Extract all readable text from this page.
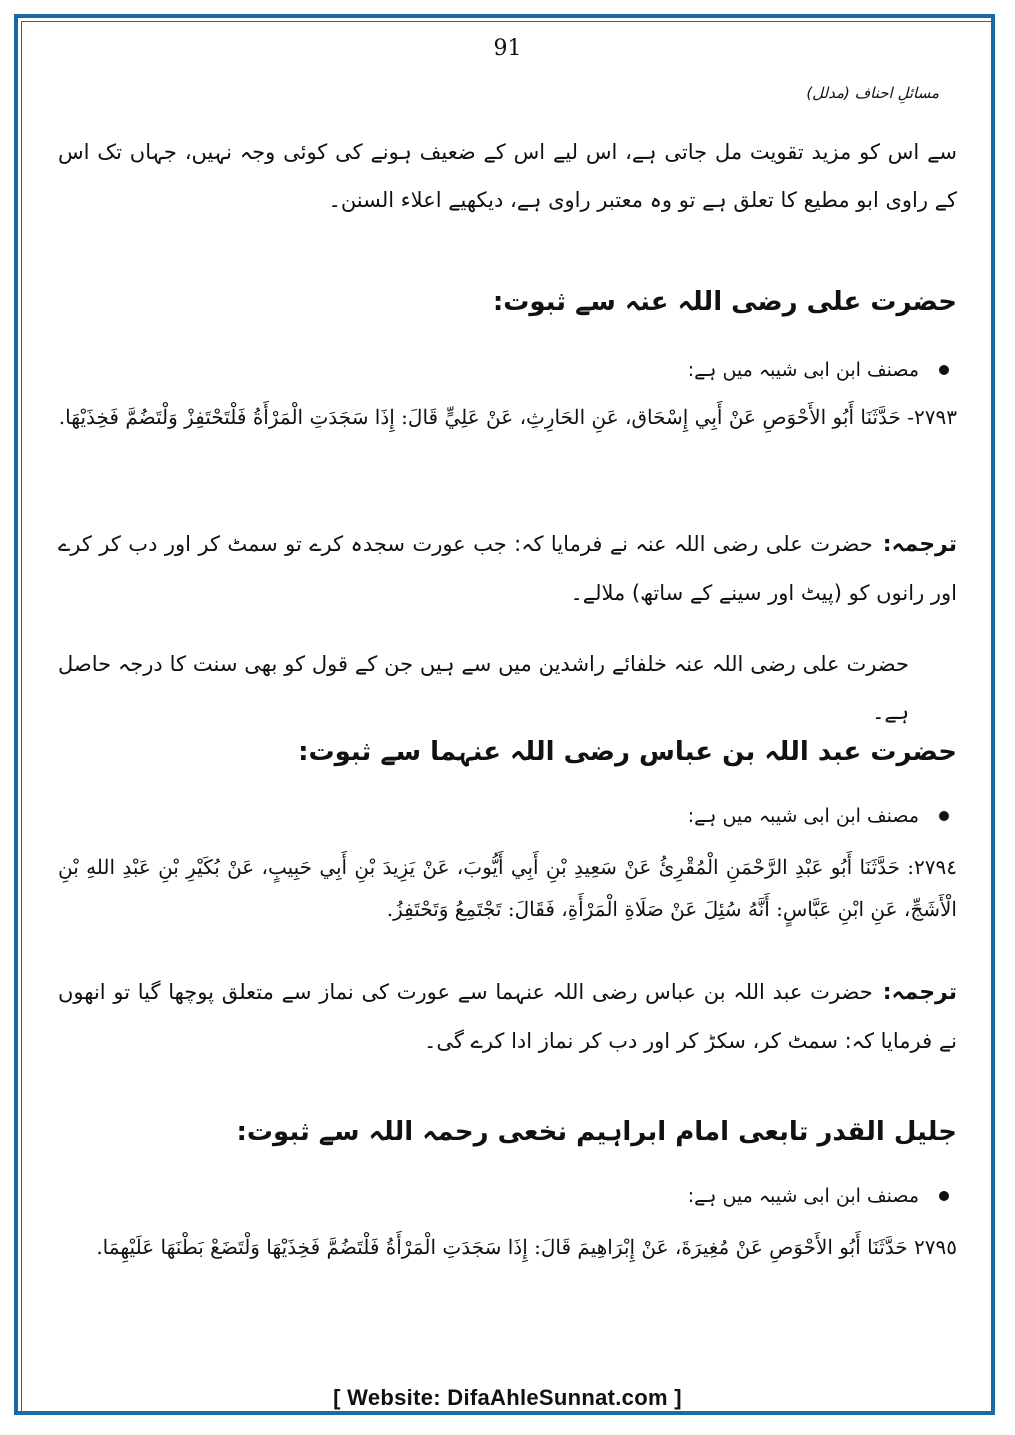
91
مسائلِ احناف (مدلل)

سے اس کو مزید تقویت مل جاتی ہے، اس لیے اس کے ضعیف ہونے کی کوئی وجہ نہیں، جہاں تک اس کے راوی ابو مطیع کا تعلق ہے تو وہ معتبر راوی ہے، دیکھیے اعلاء السنن۔

حضرت علی رضی اللہ عنہ سے ثبوت:

مصنف ابن ابی شیبہ میں ہے:

٢٧٩٣- حَدَّثَنَا أَبُو الأَحْوَصِ عَنْ أَبِي إِسْحَاق، عَنِ الحَارِثِ، عَنْ عَلِيٍّ قَالَ: إِذَا سَجَدَتِ الْمَرْأَةُ فَلْتَحْتَفِزْ وَلْتَضُمَّ فَخِذَيْهَا.

ترجمہ:حضرت علی رضی اللہ عنہ نے فرمایا کہ: جب عورت سجدہ کرے تو سمٹ کر اور دب کر کرے اور رانوں کو (پیٹ اور سینے کے ساتھ) ملالے۔

حضرت علی رضی اللہ عنہ خلفائے راشدین میں سے ہیں جن کے قول کو بھی سنت کا درجہ حاصل ہے۔

حضرت عبد اللہ بن عباس رضی اللہ عنہما سے ثبوت:

مصنف ابن ابی شیبہ میں ہے:

٢٧٩٤: حَدَّثَنَا أَبُو عَبْدِ الرَّحْمَنِ الْمُقْرِئُ عَنْ سَعِيدِ بْنِ أَبِي أَيُّوبَ، عَنْ يَزِيدَ بْنِ أَبِي حَبِيبٍ، عَنْ بُكَيْرِ بْنِ عَبْدِ اللهِ بْنِ الْأَشَجِّ، عَنِ ابْنِ عَبَّاسٍ: أَنَّهُ سُئِلَ عَنْ صَلَاةِ الْمَرْأَةِ، فَقَالَ: تَجْتَمِعُ وَتَحْتَفِزُ.

ترجمہ:حضرت عبد اللہ بن عباس رضی اللہ عنہما سے عورت کی نماز سے متعلق پوچھا گیا تو انھوں نے فرمایا کہ: سمٹ کر، سکڑ کر اور دب کر نماز ادا کرے گی۔

جلیل القدر تابعی امام ابراہیم نخعی رحمہ اللہ سے ثبوت:

مصنف ابن ابی شیبہ میں ہے:

٢٧٩٥ حَدَّثَنَا أَبُو الأَحْوَصِ عَنْ مُغِيرَةَ، عَنْ إِبْرَاهِيمَ قَالَ: إِذَا سَجَدَتِ الْمَرْأَةُ فَلْتَضُمَّ فَخِذَيْهَا وَلْتَضَعْ بَطْنَهَا عَلَيْهِمَا.

[ Website: DifaAhleSunnat.com ]
